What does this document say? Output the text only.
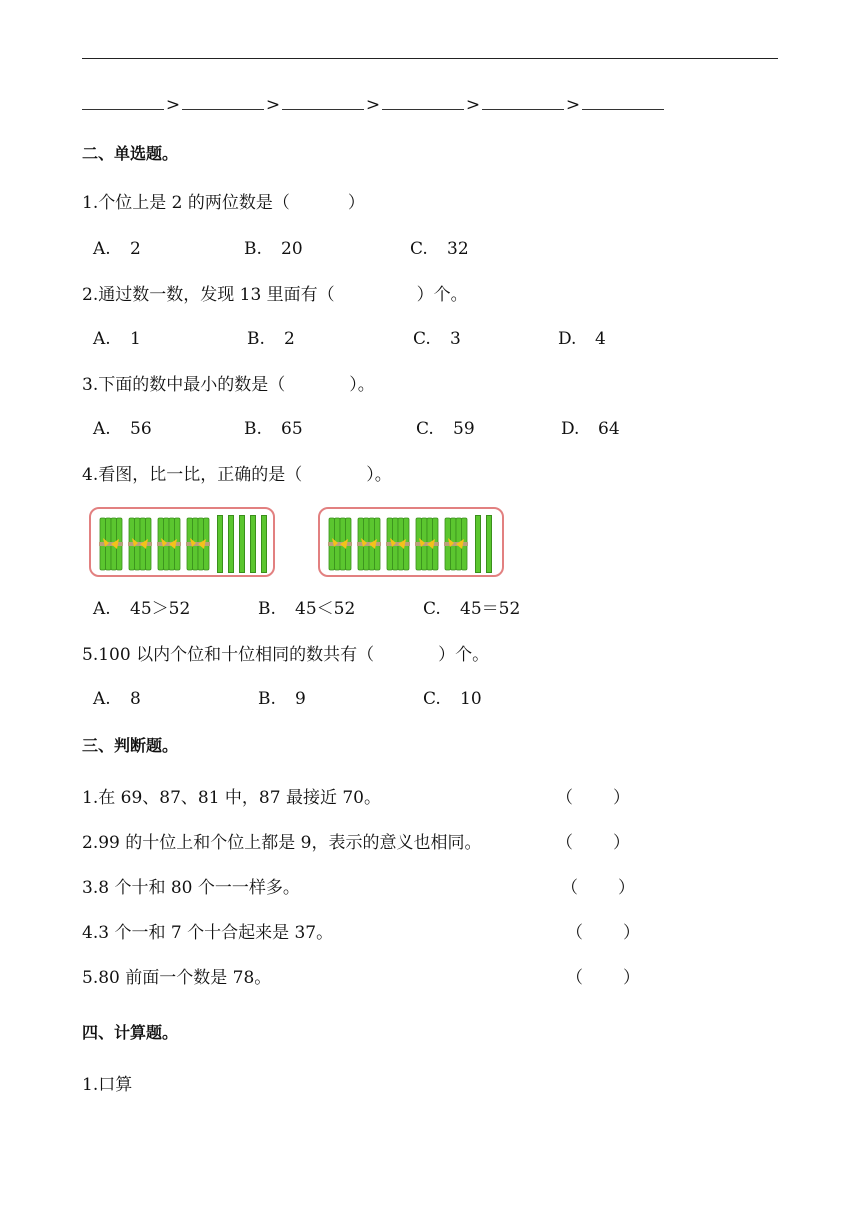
>	>	>	>	>
二、单选题。
1.个位上是 2 的两位数是（	）
A. 2	B. 20	C. 32
2.通过数一数，发现 13 里面有（	）个。
A. 1	B. 2	C. 3	D. 4
3.下面的数中最小的数是（	）。
A. 56	B. 65	C. 59	D. 64
4.看图，比一比，正确的是（	）。
A. 45＞52	B. 45＜52	C. 45＝52
5.100 以内个位和十位相同的数共有（	）个。
A. 8	B. 9	C. 10
三、判断题。
1.在 69、87、81 中，87 最接近 70。	（ ）
2.99 的十位上和个位上都是 9，表示的意义也相同。	（ ）
3.8 个十和 80 个一一样多。	（ ）
4.3 个一和 7 个十合起来是 37。	（ ）
5.80 前面一个数是 78。	（ ）
四、计算题。
1.口算
